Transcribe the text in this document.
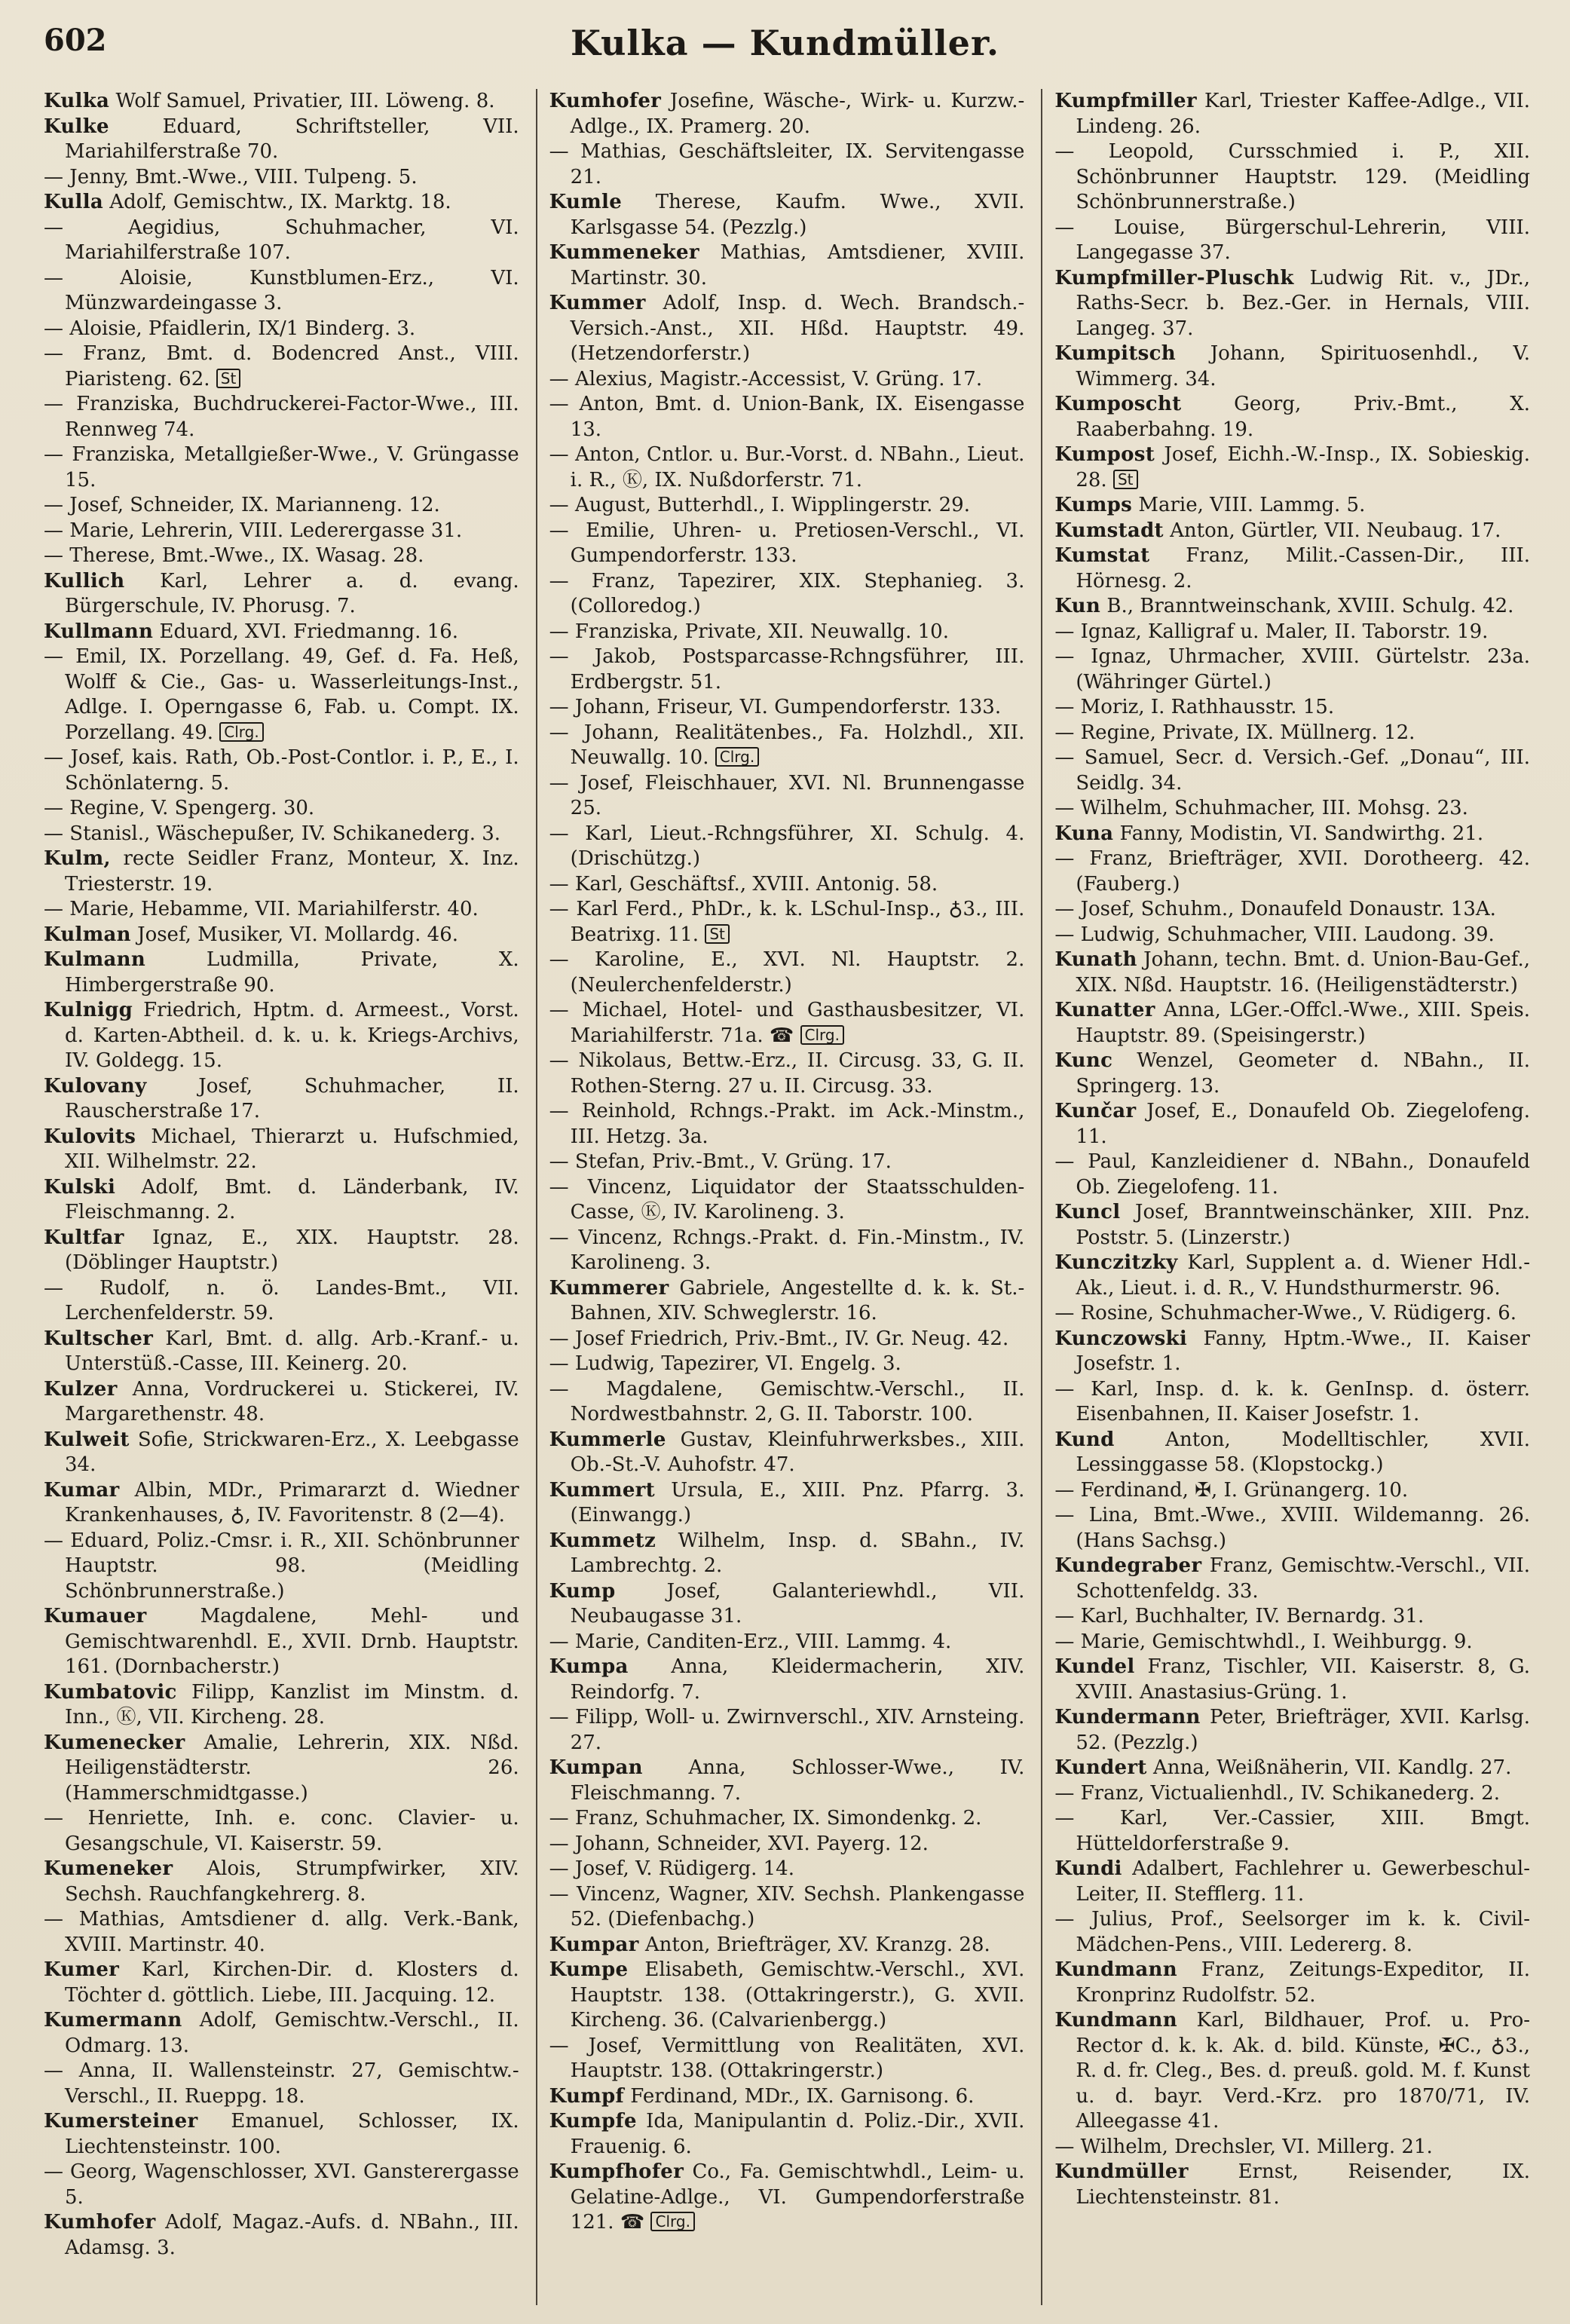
602	Kulka — Kundmüller.

Kulka Wolf Samuel, Privatier, III. Löweng. 8.

Kulke	Eduard, Schriftsteller, VII. Mariahilferstraße 70.

— Jenny, Bmt.-Wwe., VIII. Tulpeng. 5.

Kulla Adolf, Gemischtw., IX. Marktg. 18.

— Aegidius, Schuhmacher, VI. Mariahilferstraße 107.

— Aloisie, Kunstblumen-Erz., VI. Münzwardeingasse 3.

— Aloisie, Pfaidlerin, IX/1 Binderg. 3.

— Franz, Bmt. d. Bodencred Anst., VIII. Piaristeng. 62. St

— Franziska, Buchdruckerei-Factor-Wwe., III. Rennweg 74.

— Franziska, Metallgießer-Wwe., V. Grüngasse 15.

— Josef, Schneider, IX. Marianneng. 12.

— Marie, Lehrerin, VIII. Lederergasse 31.

— Therese, Bmt.-Wwe., IX. Wasag. 28.

Kullich Karl, Lehrer a. d. evang. Bürgerschule, IV. Phorusg. 7.

Kullmann Eduard, XVI. Friedmanng. 16.

— Emil, IX. Porzellang. 49, Gef. d. Fa. Heß, Wolff & Cie., Gas- u. Wasserleitungs-Inst., Adlge. I. Operngasse 6, Fab. u. Compt. IX. Porzellang. 49. Clrg.

— Josef, kais. Rath, Ob.-Post-Contlor. i. P., E., I. Schönlaterng. 5.

— Regine, V. Spengerg. 30.

— Stanisl., Wäschepußer, IV. Schikanederg. 3.

Kulm, recte Seidler Franz, Monteur, X. Inz. Triesterstr. 19.

— Marie, Hebamme, VII. Mariahilferstr. 40.

Kulman Josef, Musiker, VI. Mollardg. 46.

Kulmann	Ludmilla, Private, X. Himbergerstraße 90.

Kulnigg Friedrich, Hptm. d. Armeest., Vorst. d. Karten-Abtheil. d. k. u. k. Kriegs-Archivs, IV. Goldegg. 15.

Kulovany	Josef, Schuhmacher, II. Rauscherstraße 17.

Kulovits Michael, Thierarzt u. Hufschmied, XII. Wilhelmstr. 22.

Kulski Adolf, Bmt. d. Länderbank, IV. Fleischmanng. 2.

Kultfar Ignaz, E., XIX. Hauptstr. 28. (Döblinger Hauptstr.)

— Rudolf, n. ö. Landes-Bmt., VII. Lerchenfelderstr. 59.

Kultscher Karl, Bmt. d. allg. Arb.-Kranf.- u. Unterstüß.-Casse, III. Keinerg. 20.

Kulzer Anna, Vordruckerei u. Stickerei, IV. Margarethenstr. 48.

Kulweit Sofie, Strickwaren-Erz., X. Leebgasse 34.

Kumar Albin, MDr., Primararzt d. Wiedner Krankenhauses, ♁, IV. Favoritenstr. 8 (2—4).

— Eduard, Poliz.-Cmsr. i. R., XII. Schönbrunner Hauptstr. 98. (Meidling Schönbrunnerstraße.)

Kumauer	Magdalene, Mehl- und Gemischtwarenhdl. E., XVII. Drnb. Hauptstr. 161. (Dornbacherstr.)

Kumbatovic Filipp, Kanzlist im Minstm. d. Inn., Ⓚ, VII. Kircheng. 28.

Kumenecker Amalie, Lehrerin, XIX. Nßd. Heiligenstädterstr. 26. (Hammerschmidtgasse.)

— Henriette, Inh. e. conc. Clavier- u. Gesangschule, VI. Kaiserstr. 59.

Kumeneker Alois, Strumpfwirker, XIV. Sechsh. Rauchfangkehrerg. 8.

— Mathias, Amtsdiener d. allg. Verk.-Bank, XVIII. Martinstr. 40.

Kumer Karl, Kirchen-Dir. d. Klosters d. Töchter d. göttlich. Liebe, III. Jacquing. 12.

Kumermann Adolf, Gemischtw.-Verschl., II. Odmarg. 13.

— Anna, II. Wallensteinstr. 27, Gemischtw.-Verschl., II. Rueppg. 18.

Kumersteiner Emanuel, Schlosser, IX. Liechtensteinstr. 100.

— Georg, Wagenschlosser, XVI. Gansterergasse 5.

Kumhofer Adolf, Magaz.-Aufs. d. NBahn., III. Adamsg. 3.

Kumhofer Josefine, Wäsche-, Wirk- u. Kurzw.-Adlge., IX. Pramerg. 20.

— Mathias, Geschäftsleiter, IX. Servitengasse 21.

Kumle Therese, Kaufm. Wwe., XVII. Karlsgasse 54. (Pezzlg.)

Kummeneker Mathias, Amtsdiener, XVIII. Martinstr. 30.

Kummer Adolf, Insp. d. Wech. Brandsch.-Versich.-Anst., XII. Hßd. Hauptstr. 49. (Hetzendorferstr.)

— Alexius, Magistr.-Accessist, V. Grüng. 17.

— Anton, Bmt. d. Union-Bank, IX. Eisengasse 13.

— Anton, Cntlor. u. Bur.-Vorst. d. NBahn., Lieut. i. R., Ⓚ, IX. Nußdorferstr. 71.

— August, Butterhdl., I. Wipplingerstr. 29.

— Emilie, Uhren- u. Pretiosen-Verschl., VI. Gumpendorferstr. 133.

— Franz, Tapezirer, XIX. Stephanieg. 3. (Colloredog.)

— Franziska, Private, XII. Neuwallg. 10.

— Jakob, Postsparcasse-Rchngsführer, III. Erdbergstr. 51.

— Johann, Friseur, VI. Gumpendorferstr. 133.

— Johann, Realitätenbes., Fa. Holzhdl., XII. Neuwallg. 10. Clrg.

— Josef, Fleischhauer, XVI. Nl. Brunnengasse 25.

— Karl, Lieut.-Rchngsführer, XI. Schulg. 4. (Drischützg.)

— Karl, Geschäftsf., XVIII. Antonig. 58.

— Karl Ferd., PhDr., k. k. LSchul-Insp., ♁3., III. Beatrixg. 11. St

— Karoline, E., XVI. Nl. Hauptstr. 2. (Neulerchenfelderstr.)

— Michael, Hotel- und Gasthausbesitzer, VI. Mariahilferstr. 71a. ☎ Clrg.

— Nikolaus, Bettw.-Erz., II. Circusg. 33, G. II. Rothen-Sterng. 27 u. II. Circusg. 33.

— Reinhold, Rchngs.-Prakt. im Ack.-Minstm., III. Hetzg. 3a.

— Stefan, Priv.-Bmt., V. Grüng. 17.

— Vincenz, Liquidator der Staatsschulden-Casse, Ⓚ, IV. Karolineng. 3.

— Vincenz, Rchngs.-Prakt. d. Fin.-Minstm., IV. Karolineng. 3.

Kummerer Gabriele, Angestellte d. k. k. St.-Bahnen, XIV. Schweglerstr. 16.

— Josef Friedrich, Priv.-Bmt., IV. Gr. Neug. 42.

— Ludwig, Tapezirer, VI. Engelg. 3.

— Magdalene, Gemischtw.-Verschl., II. Nordwestbahnstr. 2, G. II. Taborstr. 100.

Kummerle Gustav, Kleinfuhrwerksbes., XIII. Ob.-St.-V. Auhofstr. 47.

Kummert Ursula, E., XIII. Pnz. Pfarrg. 3. (Einwangg.)

Kummetz Wilhelm, Insp. d. SBahn., IV. Lambrechtg. 2.

Kump	Josef, Galanteriewhdl., VII. Neubaugasse 31.

— Marie, Canditen-Erz., VIII. Lammg. 4.

Kumpa Anna, Kleidermacherin, XIV. Reindorfg. 7.

— Filipp, Woll- u. Zwirnverschl., XIV. Arnsteing. 27.

Kumpan Anna, Schlosser-Wwe., IV. Fleischmanng. 7.

— Franz, Schuhmacher, IX. Simondenkg. 2.

— Johann, Schneider, XVI. Payerg. 12.

— Josef, V. Rüdigerg. 14.

— Vincenz, Wagner, XIV. Sechsh. Plankengasse 52. (Diefenbachg.)

Kumpar Anton, Briefträger, XV. Kranzg. 28.

Kumpe Elisabeth, Gemischtw.-Verschl., XVI. Hauptstr. 138. (Ottakringerstr.), G. XVII. Kircheng. 36. (Calvarienbergg.)

— Josef, Vermittlung von Realitäten, XVI. Hauptstr. 138. (Ottakringerstr.)

Kumpf Ferdinand, MDr., IX. Garnisong. 6.

Kumpfe Ida, Manipulantin d. Poliz.-Dir., XVII. Frauenig. 6.

Kumpfhofer Co., Fa. Gemischtwhdl., Leim- u. Gelatine-Adlge., VI. Gumpendorferstraße 121. ☎ Clrg.

Kumpfmiller Karl, Triester Kaffee-Adlge., VII. Lindeng. 26.

— Leopold, Cursschmied i. P., XII. Schönbrunner Hauptstr. 129. (Meidling Schönbrunnerstraße.)

— Louise, Bürgerschul-Lehrerin, VIII. Langegasse 37.

Kumpfmiller-Pluschk Ludwig Rit. v., JDr., Raths-Secr. b. Bez.-Ger. in Hernals, VIII. Langeg. 37.

Kumpitsch Johann, Spirituosenhdl., V. Wimmerg. 34.

Kumposcht	Georg, Priv.-Bmt., X. Raaberbahng. 19.

Kumpost Josef, Eichh.-W.-Insp., IX. Sobieskig. 28. St

Kumps Marie, VIII. Lammg. 5.

Kumstadt Anton, Gürtler, VII. Neubaug. 17.

Kumstat Franz, Milit.-Cassen-Dir., III. Hörnesg. 2.

Kun B., Branntweinschank, XVIII. Schulg. 42.

— Ignaz, Kalligraf u. Maler, II. Taborstr. 19.

— Ignaz, Uhrmacher, XVIII. Gürtelstr. 23a. (Währinger Gürtel.)

— Moriz, I. Rathhausstr. 15.

— Regine, Private, IX. Müllnerg. 12.

— Samuel, Secr. d. Versich.-Gef. „Donau“, III. Seidlg. 34.

— Wilhelm, Schuhmacher, III. Mohsg. 23.

Kuna Fanny, Modistin, VI. Sandwirthg. 21.

— Franz, Briefträger, XVII. Dorotheerg. 42. (Fauberg.)

— Josef, Schuhm., Donaufeld Donaustr. 13A.

— Ludwig, Schuhmacher, VIII. Laudong. 39.

Kunath Johann, techn. Bmt. d. Union-Bau-Gef., XIX. Nßd. Hauptstr. 16. (Heiligenstädterstr.)

Kunatter Anna, LGer.-Offcl.-Wwe., XIII. Speis. Hauptstr. 89. (Speisingerstr.)

Kunc Wenzel, Geometer d. NBahn., II. Springerg. 13.

Kunčar Josef, E., Donaufeld Ob. Ziegelofeng. 11.

— Paul, Kanzleidiener d. NBahn., Donaufeld Ob. Ziegelofeng. 11.

Kuncl Josef, Branntweinschänker, XIII. Pnz. Poststr. 5. (Linzerstr.)

Kunczitzky Karl, Supplent a. d. Wiener Hdl.-Ak., Lieut. i. d. R., V. Hundsthurmerstr. 96.

— Rosine, Schuhmacher-Wwe., V. Rüdigerg. 6.

Kunczowski Fanny, Hptm.-Wwe., II. Kaiser Josefstr. 1.

— Karl, Insp. d. k. k. GenInsp. d. österr. Eisenbahnen, II. Kaiser Josefstr. 1.

Kund	Anton, Modelltischler, XVII. Lessinggasse 58. (Klopstockg.)

— Ferdinand, ✠, I. Grünangerg. 10.

— Lina, Bmt.-Wwe., XVIII. Wildemanng. 26. (Hans Sachsg.)

Kundegraber Franz, Gemischtw.-Verschl., VII. Schottenfeldg. 33.

— Karl, Buchhalter, IV. Bernardg. 31.

— Marie, Gemischtwhdl., I. Weihburgg. 9.

Kundel Franz, Tischler, VII. Kaiserstr. 8, G. XVIII. Anastasius-Grüng. 1.

Kundermann Peter, Briefträger, XVII. Karlsg. 52. (Pezzlg.)

Kundert Anna, Weißnäherin, VII. Kandlg. 27.

— Franz, Victualienhdl., IV. Schikanederg. 2.

— Karl, Ver.-Cassier, XIII. Bmgt. Hütteldorferstraße 9.

Kundi Adalbert, Fachlehrer u. Gewerbeschul-Leiter, II. Stefflerg. 11.

— Julius, Prof., Seelsorger im k. k. Civil-Mädchen-Pens., VIII. Ledererg. 8.

Kundmann Franz, Zeitungs-Expeditor, II. Kronprinz Rudolfstr. 52.

Kundmann Karl, Bildhauer, Prof. u. Pro-Rector d. k. k. Ak. d. bild. Künste, ✠C., ♁3., R. d. fr. Cleg., Bes. d. preuß. gold. M. f. Kunst u. d. bayr. Verd.-Krz. pro 1870/71, IV. Alleegasse 41.

— Wilhelm, Drechsler, VI. Millerg. 21.

Kundmüller	Ernst, Reisender, IX. Liechtensteinstr. 81.
